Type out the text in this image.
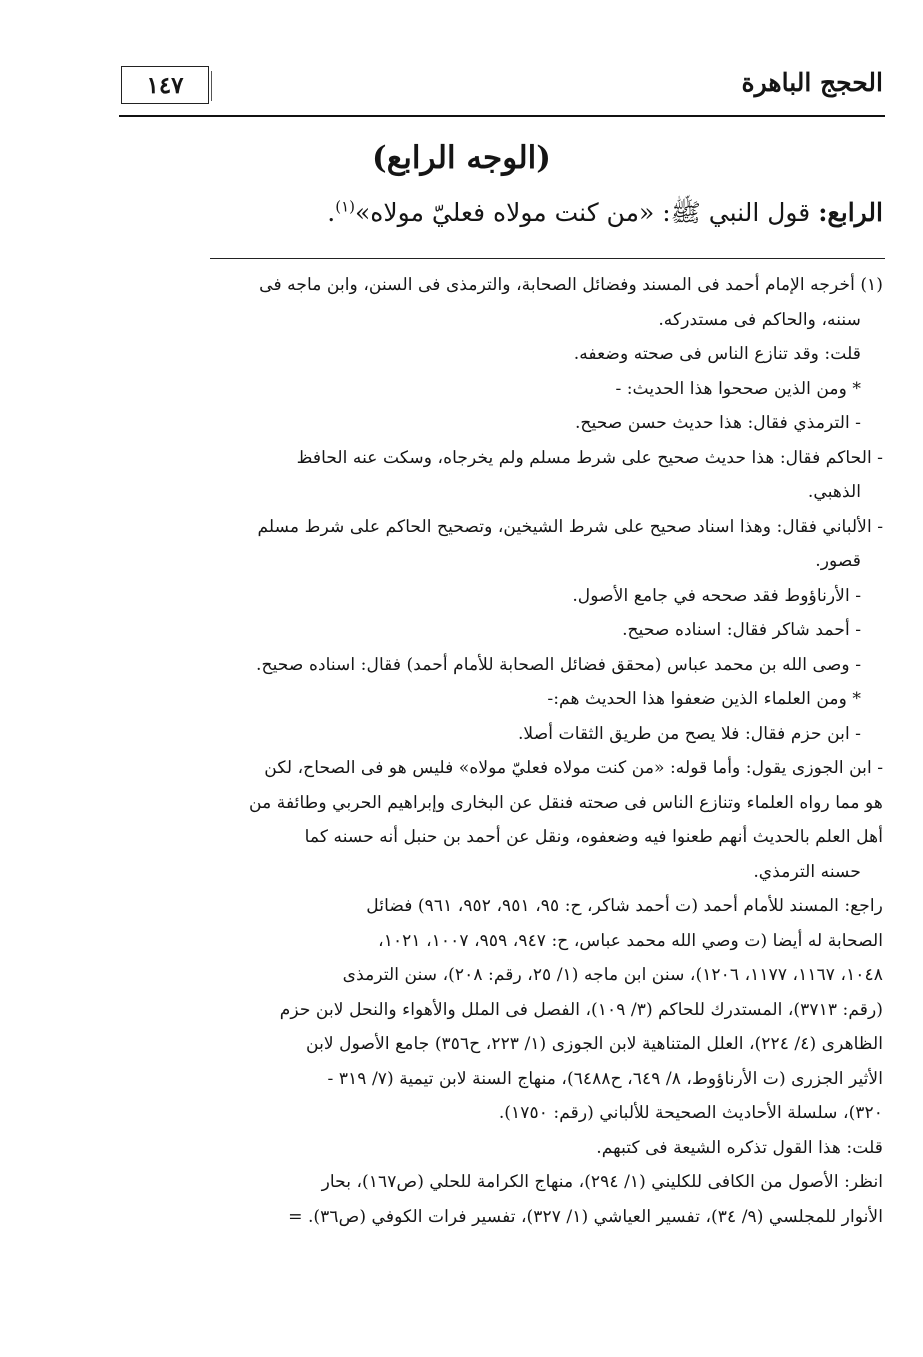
الحجج الباهرة
١٤٧
(الوجه الرابع)
الرابع: قول النبي ﷺ: «من كنت مولاه فعليّ مولاه»$^{(١)}$.

(١) أخرجه الإمام أحمد فى المسند وفضائل الصحابة، والترمذى فى السنن، وابن ماجه فى

سننه، والحاكم فى مستدركه.

قلت: وقد تنازع الناس فى صحته وضعفه.

* ومن الذين صححوا هذا الحديث: -

- الترمذي فقال: هذا حديث حسن صحيح.

- الحاكم فقال: هذا حديث صحيح على شرط مسلم ولم يخرجاه، وسكت عنه الحافظ

الذهبي.

- الألباني فقال: وهذا اسناد صحيح على شرط الشيخين، وتصحيح الحاكم على شرط مسلم

قصور.

- الأرناؤوط فقد صححه في جامع الأصول.

- أحمد شاكر فقال: اسناده صحيح.

- وصى الله بن محمد عباس (محقق فضائل الصحابة للأمام أحمد) فقال: اسناده صحيح.

* ومن العلماء الذين ضعفوا هذا الحديث هم:-

- ابن حزم فقال: فلا يصح من طريق الثقات أصلا.

- ابن الجوزى يقول: وأما قوله: «من كنت مولاه فعليّ مولاه» فليس هو فى الصحاح، لكن

هو مما رواه العلماء وتنازع الناس فى صحته فنقل عن البخارى وإبراهيم الحربي وطائفة من

أهل العلم بالحديث أنهم طعنوا فيه وضعفوه، ونقل عن أحمد بن حنبل أنه حسنه كما

حسنه الترمذي.

راجع: المسند للأمام أحمد (ت أحمد شاكر، ح: ٩٥، ٩٥١، ٩٥٢، ٩٦١) فضائل

الصحابة له أيضا (ت وصي الله محمد عباس، ح: ٩٤٧، ٩٥٩، ١٠٠٧، ١٠٢١،

١٠٤٨، ١١٦٧، ١١٧٧، ١٢٠٦)، سنن ابن ماجه (١/ ٢٥، رقم: ٢٠٨)، سنن الترمذى

(رقم: ٣٧١٣)، المستدرك للحاكم (٣/ ١٠٩)، الفصل فى الملل والأهواء والنحل لابن حزم

الظاهرى (٤/ ٢٢٤)، العلل المتناهية لابن الجوزى (١/ ٢٢٣، ح٣٥٦) جامع الأصول لابن

الأثير الجزرى (ت الأرناؤوط، ٨/ ٦٤٩، ح٦٤٨٨)، منهاج السنة لابن تيمية (٧/ ٣١٩ -

٣٢٠)، سلسلة الأحاديث الصحيحة للألباني (رقم: ١٧٥٠).

قلت: هذا القول تذكره الشيعة فى كتبهم.

انظر: الأصول من الكافى للكليني (١/ ٢٩٤)، منهاج الكرامة للحلي (ص١٦٧)، بحار

الأنوار للمجلسي (٩/ ٣٤)، تفسير العياشي (١/ ٣٢٧)، تفسير فرات الكوفي (ص٣٦). =
